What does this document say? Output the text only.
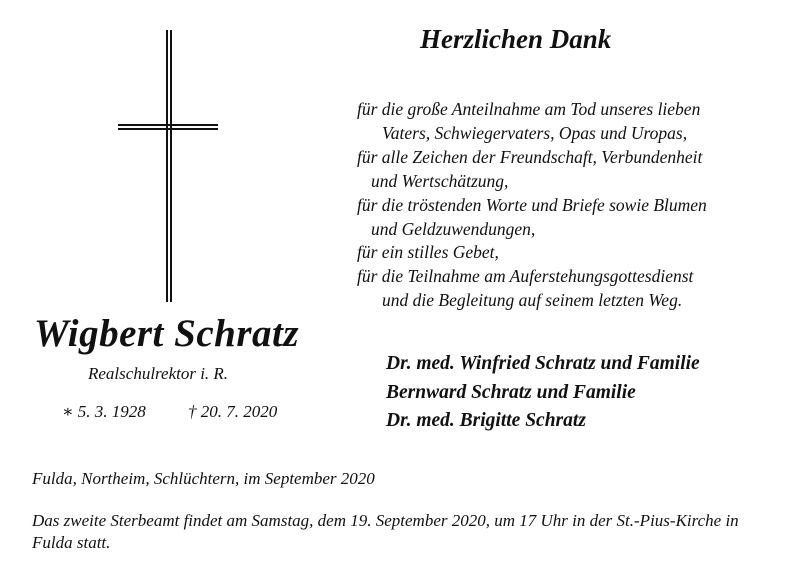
Herzlichen Dank
für die große Anteilnahme am Tod unseres lieben
Vaters, Schwiegervaters, Opas und Uropas,
für alle Zeichen der Freundschaft, Verbundenheit
und Wertschätzung,
für die tröstenden Worte und Briefe sowie Blumen
und Geldzuwendungen,
für ein stilles Gebet,
für die Teilnahme am Auferstehungsgottesdienst
und die Begleitung auf seinem letzten Weg.
Wigbert Schratz
Realschulrektor i. R.
∗ 5. 3. 1928 † 20. 7. 2020
Dr. med. Winfried Schratz und Familie
Bernward Schratz und Familie
Dr. med. Brigitte Schratz
Fulda, Northeim, Schlüchtern, im September 2020
Das zweite Sterbeamt findet am Samstag, dem 19. September 2020, um 17 Uhr in der St.-Pius-Kirche in Fulda statt.
